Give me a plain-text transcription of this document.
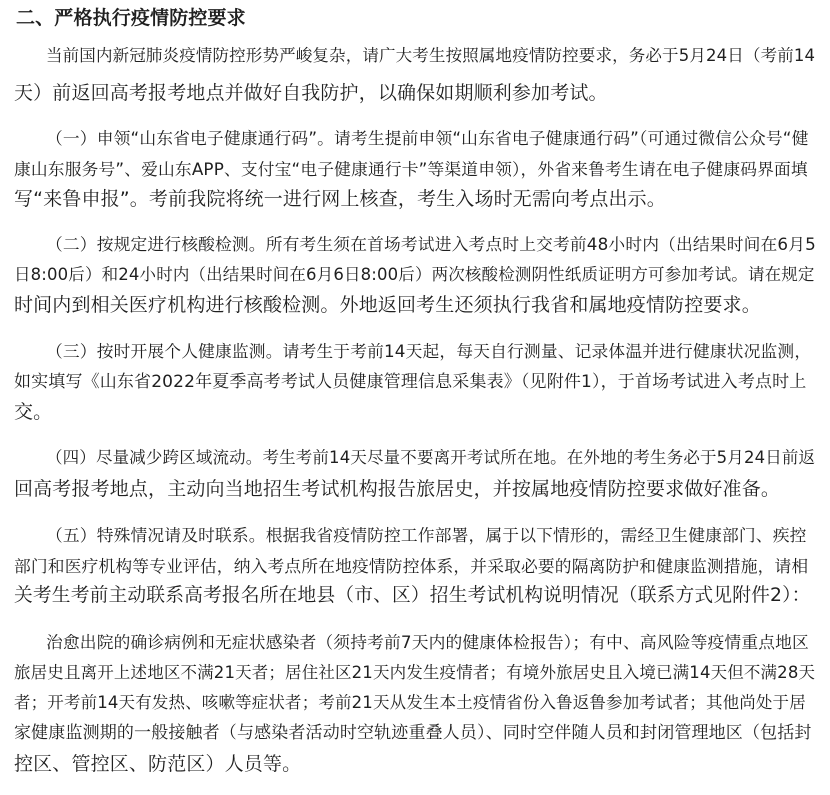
二、严格执行疫情防控要求
当前国内新冠肺炎疫情防控形势严峻复杂，请广大考生按照属地疫情防控要求，务必于5月24日（考前14
天）前返回高考报考地点并做好自我防护，以确保如期顺利参加考试。
（一）申领“山东省电子健康通行码”。请考生提前申领“山东省电子健康通行码”（可通过微信公众号“健
康山东服务号”、爱山东APP、支付宝“电子健康通行卡”等渠道申领），外省来鲁考生请在电子健康码界面填
写“来鲁申报”。考前我院将统一进行网上核查，考生入场时无需向考点出示。
（二）按规定进行核酸检测。所有考生须在首场考试进入考点时上交考前48小时内（出结果时间在6月5
日8:00后）和24小时内（出结果时间在6月6日8:00后）两次核酸检测阴性纸质证明方可参加考试。请在规定
时间内到相关医疗机构进行核酸检测。外地返回考生还须执行我省和属地疫情防控要求。
（三）按时开展个人健康监测。请考生于考前14天起，每天自行测量、记录体温并进行健康状况监测，
如实填写《山东省2022年夏季高考考试人员健康管理信息采集表》（见附件1），于首场考试进入考点时上
交。
（四）尽量减少跨区域流动。考生考前14天尽量不要离开考试所在地。在外地的考生务必于5月24日前返
回高考报考地点，主动向当地招生考试机构报告旅居史，并按属地疫情防控要求做好准备。
（五）特殊情况请及时联系。根据我省疫情防控工作部署，属于以下情形的，需经卫生健康部门、疾控
部门和医疗机构等专业评估，纳入考点所在地疫情防控体系，并采取必要的隔离防护和健康监测措施，请相
关考生考前主动联系高考报名所在地县（市、区）招生考试机构说明情况（联系方式见附件2）：
治愈出院的确诊病例和无症状感染者（须持考前7天内的健康体检报告）；有中、高风险等疫情重点地区
旅居史且离开上述地区不满21天者；居住社区21天内发生疫情者；有境外旅居史且入境已满14天但不满28天
者；开考前14天有发热、咳嗽等症状者；考前21天从发生本土疫情省份入鲁返鲁参加考试者；其他尚处于居
家健康监测期的一般接触者（与感染者活动时空轨迹重叠人员）、同时空伴随人员和封闭管理地区（包括封
控区、管控区、防范区）人员等。
